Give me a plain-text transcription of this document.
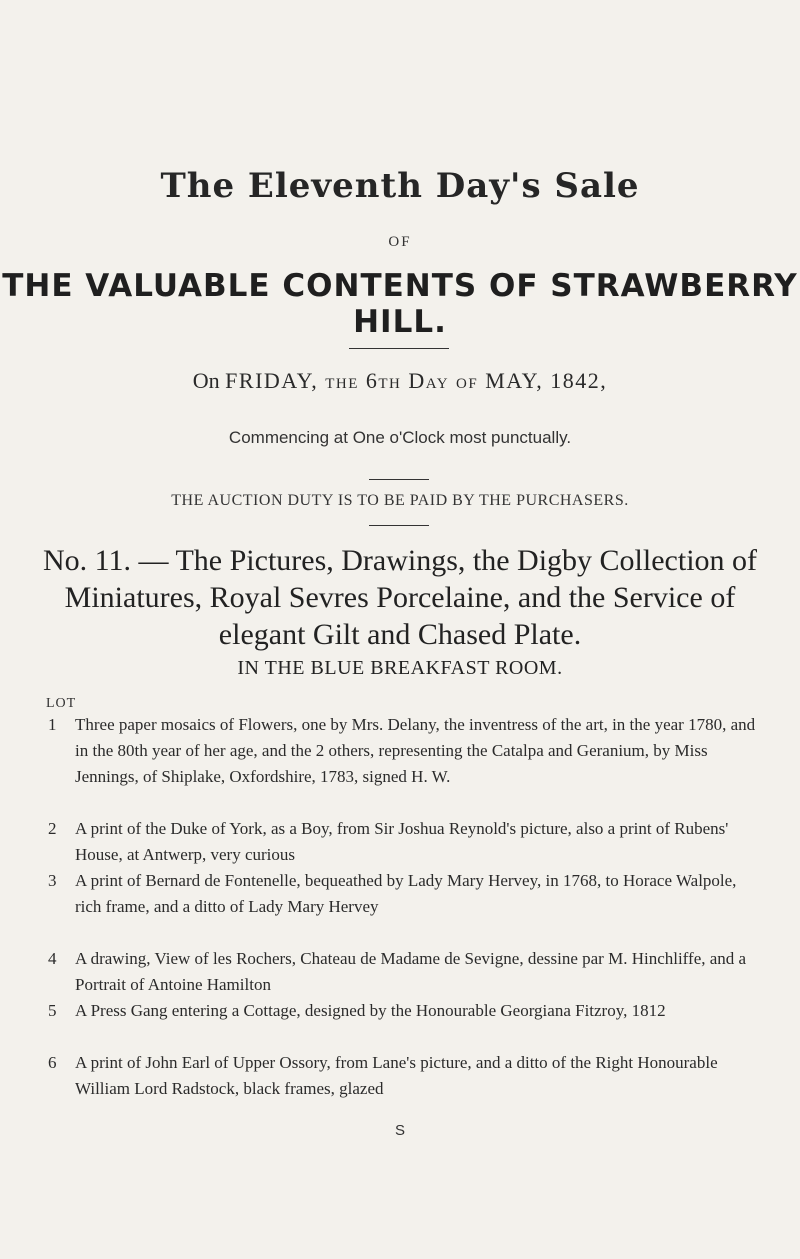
The Eleventh Day's Sale
OF
THE VALUABLE CONTENTS OF STRAWBERRY HILL.
On FRIDAY, the 6th Day of MAY, 1842,
Commencing at One o'Clock most punctually.
THE AUCTION DUTY IS TO BE PAID BY THE PURCHASERS.
No. 11. — The Pictures, Drawings, the Digby Collection of Miniatures, Royal Sevres Porcelaine, and the Service of elegant Gilt and Chased Plate.
IN THE BLUE BREAKFAST ROOM.
LOT
1	Three paper mosaics of Flowers, one by Mrs. Delany, the inventress of the art, in the year 1780, and in the 80th year of her age, and the 2 others, representing the Catalpa and Geranium, by Miss Jennings, of Shiplake, Oxfordshire, 1783, signed H. W.
2	A print of the Duke of York, as a Boy, from Sir Joshua Reynold's picture, also a print of Rubens' House, at Antwerp, very curious
3	A print of Bernard de Fontenelle, bequeathed by Lady Mary Hervey, in 1768, to Horace Walpole, rich frame, and a ditto of Lady Mary Hervey
4	A drawing, View of les Rochers, Chateau de Madame de Sevigne, dessine par M. Hinchliffe, and a Portrait of Antoine Hamilton
5	A Press Gang entering a Cottage, designed by the Honourable Georgiana Fitzroy, 1812
6	A print of John Earl of Upper Ossory, from Lane's picture, and a ditto of the Right Honourable William Lord Radstock, black frames, glazed
S
